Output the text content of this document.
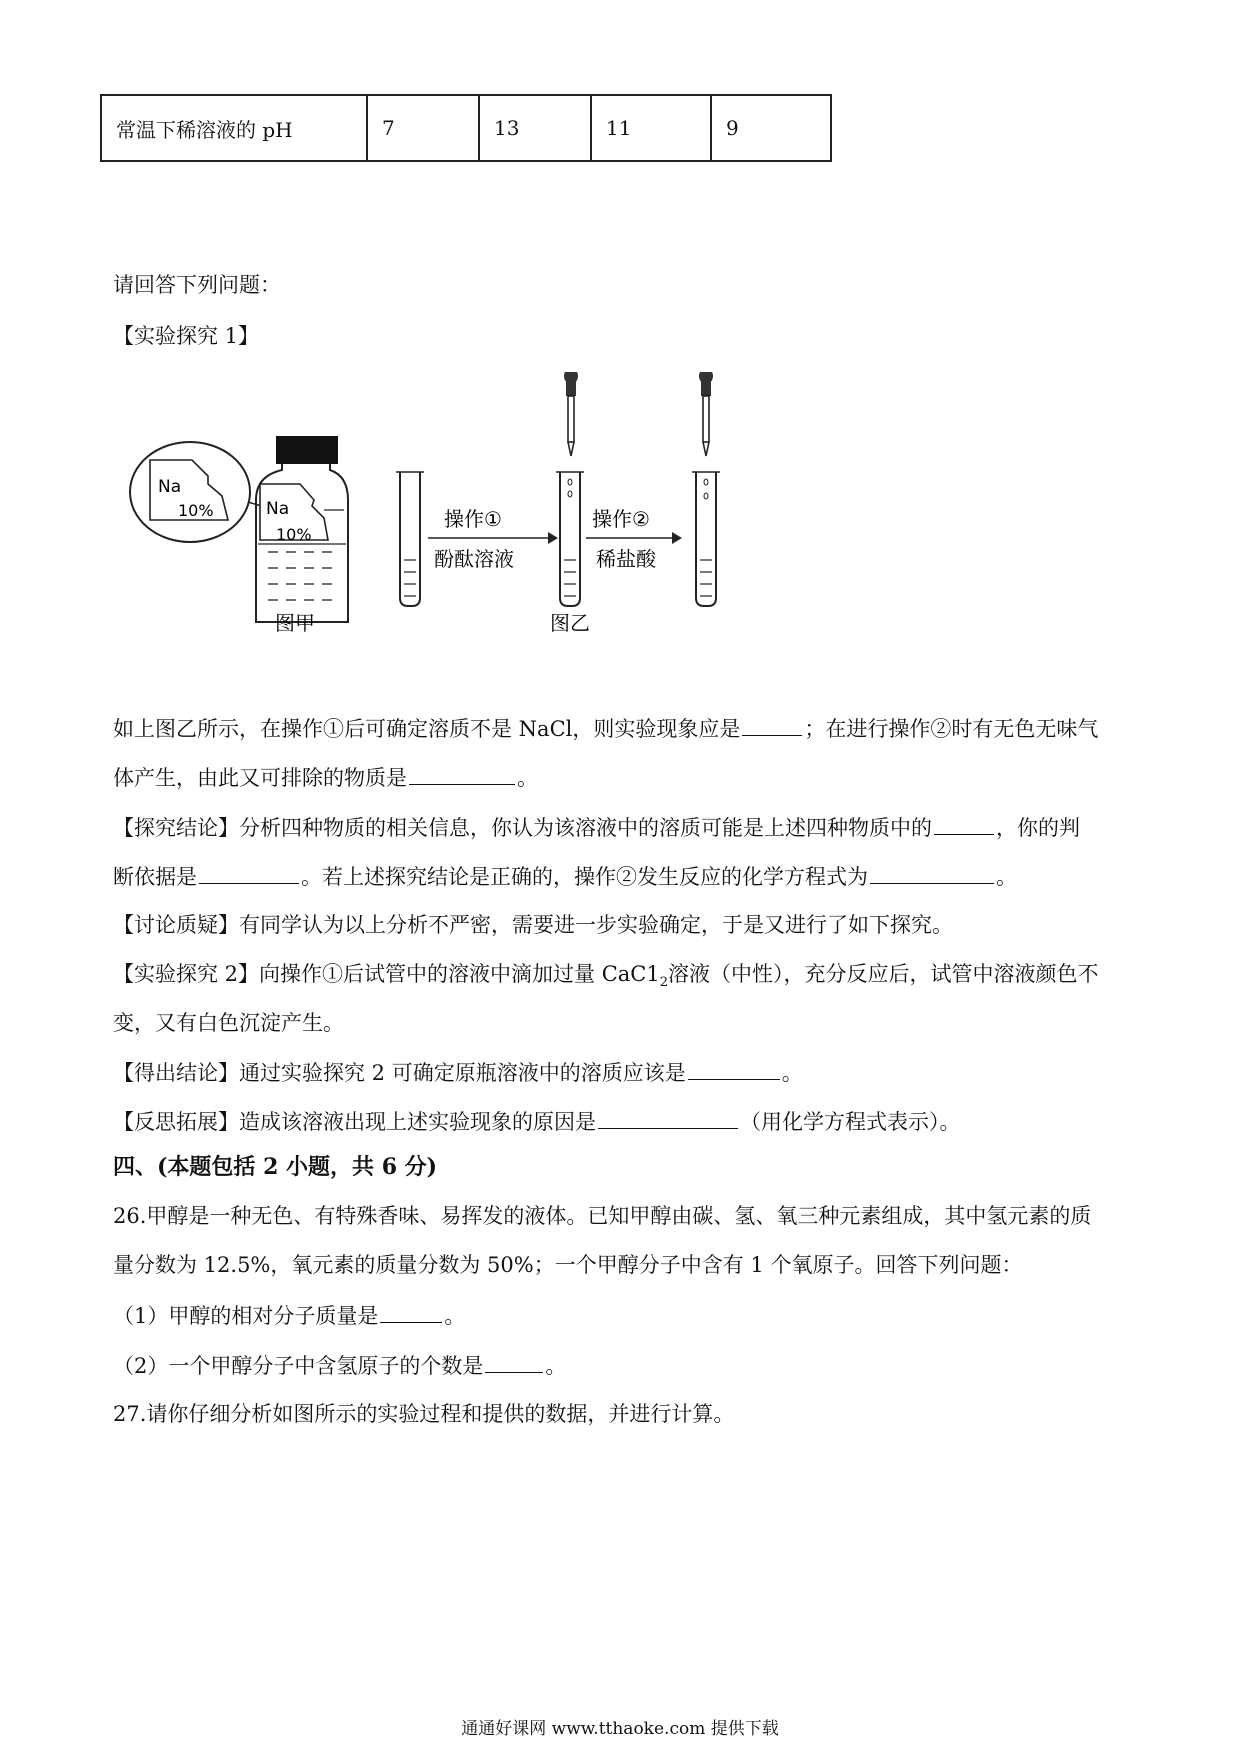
常温下稀溶液的 pH	7	13	11	9
请回答下列问题：
【实验探究 1】
Na
10%	Na
10%
图甲
操作①
酚酞溶液
图乙
操作②
稀盐酸
如上图乙所示，在操作①后可确定溶质不是 NaCl，则实验现象应是	；在进行操作②时有无色无味气
体产生，由此又可排除的物质是	。
【探究结论】分析四种物质的相关信息，你认为该溶液中的溶质可能是上述四种物质中的	，你的判
断依据是	。若上述探究结论是正确的，操作②发生反应的化学方程式为	。
【讨论质疑】有同学认为以上分析不严密，需要进一步实验确定，于是又进行了如下探究。
【实验探究 2】向操作①后试管中的溶液中滴加过量 $CaC1_2$溶液（中性），充分反应后，试管中溶液颜色不
变，又有白色沉淀产生。
【得出结论】通过实验探究 2 可确定原瓶溶液中的溶质应该是	。
【反思拓展】造成该溶液出现上述实验现象的原因是	（用化学方程式表示）。
四、(本题包括 2 小题，共 6 分)
26.甲醇是一种无色、有特殊香味、易挥发的液体。已知甲醇由碳、氢、氧三种元素组成，其中氢元素的质
量分数为 12.5%，氧元素的质量分数为 50%；一个甲醇分子中含有 1 个氧原子。回答下列问题：
（1）甲醇的相对分子质量是	。
（2）一个甲醇分子中含氢原子的个数是	。
27.请你仔细分析如图所示的实验过程和提供的数据，并进行计算。
通通好课网 www.tthaoke.com 提供下载
